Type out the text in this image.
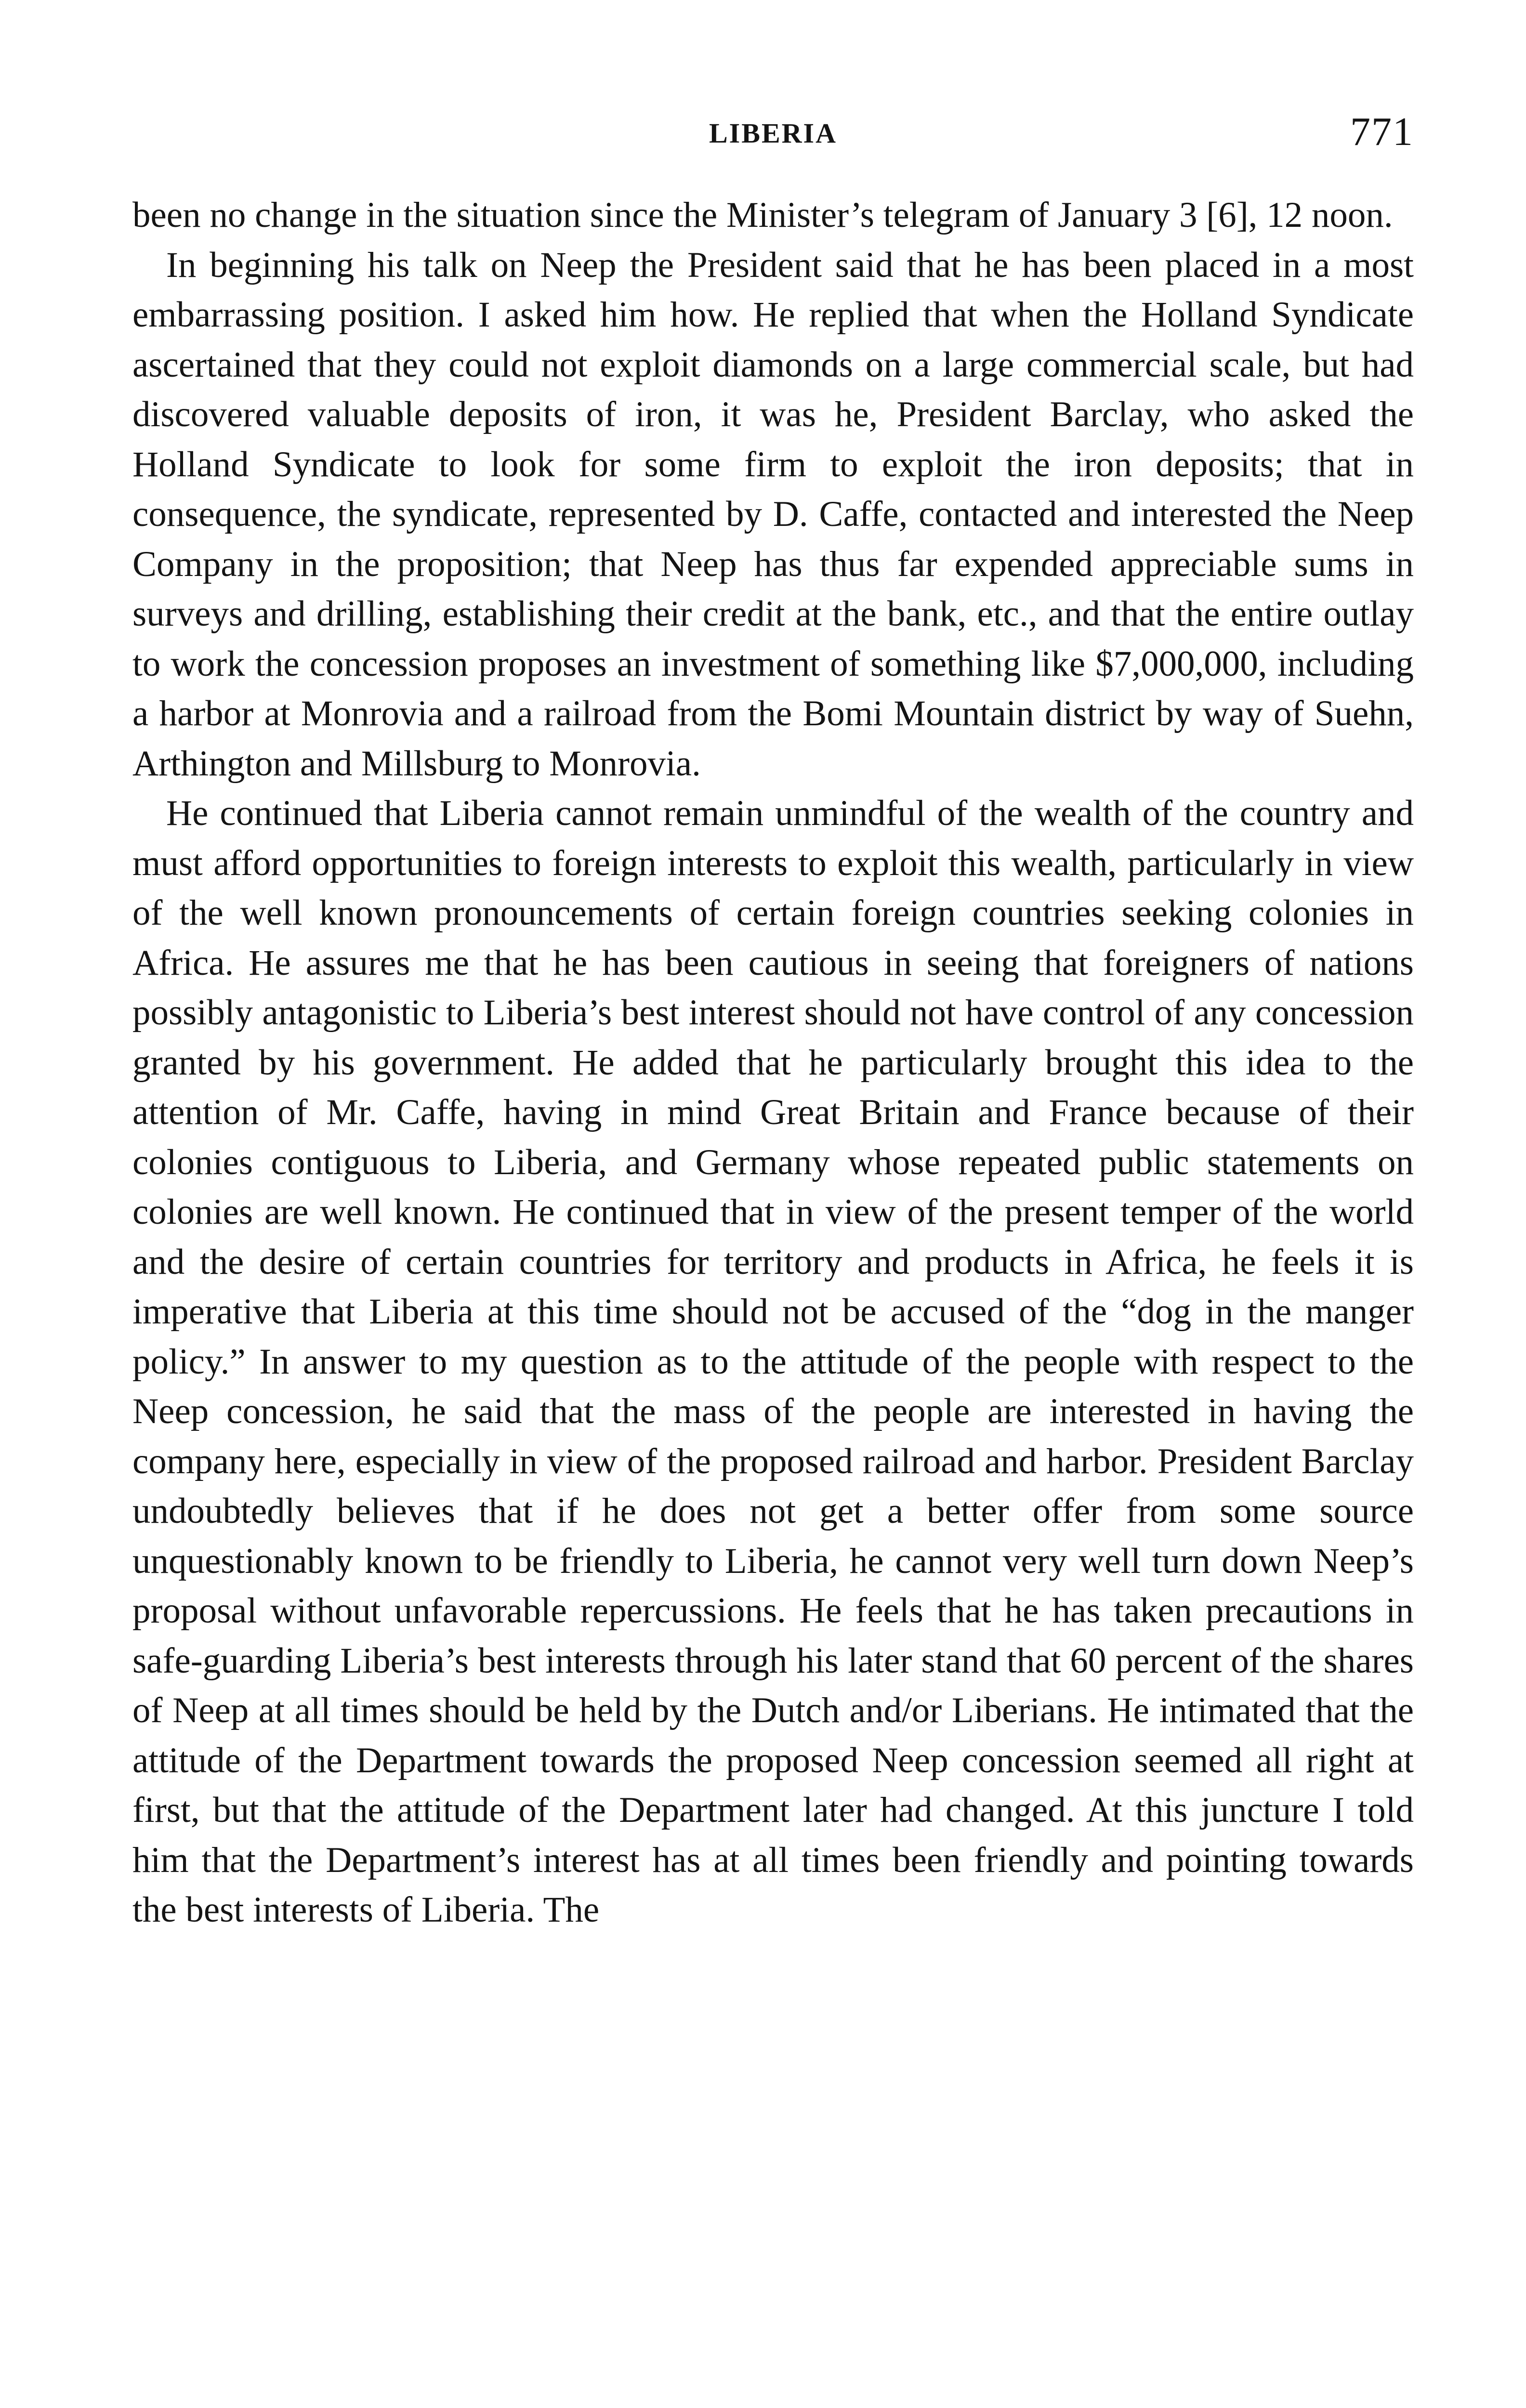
LIBERIA	771

been no change in the situation since the Minister’s telegram of January 3 [6], 12 noon.

In beginning his talk on Neep the President said that he has been placed in a most embarrassing position. I asked him how. He replied that when the Holland Syndicate ascertained that they could not exploit diamonds on a large commercial scale, but had discovered valuable deposits of iron, it was he, President Barclay, who asked the Holland Syndicate to look for some firm to exploit the iron deposits; that in consequence, the syndicate, represented by D. Caffe, contacted and interested the Neep Company in the proposition; that Neep has thus far expended appreciable sums in surveys and drilling, establishing their credit at the bank, etc., and that the entire outlay to work the concession proposes an investment of something like $7,000,000, including a harbor at Monrovia and a railroad from the Bomi Mountain district by way of Suehn, Arthington and Millsburg to Monrovia.

He continued that Liberia cannot remain unmindful of the wealth of the country and must afford opportunities to foreign interests to exploit this wealth, particularly in view of the well known pronouncements of certain foreign countries seeking colonies in Africa. He assures me that he has been cautious in seeing that foreigners of nations possibly antagonistic to Liberia’s best interest should not have control of any concession granted by his government. He added that he particularly brought this idea to the attention of Mr. Caffe, having in mind Great Britain and France because of their colonies contiguous to Liberia, and Germany whose repeated public statements on colonies are well known. He continued that in view of the present temper of the world and the desire of certain countries for territory and products in Africa, he feels it is imperative that Liberia at this time should not be accused of the “dog in the manger policy.” In answer to my question as to the attitude of the people with respect to the Neep concession, he said that the mass of the people are interested in having the company here, especially in view of the proposed railroad and harbor. President Barclay undoubtedly believes that if he does not get a better offer from some source unquestionably known to be friendly to Liberia, he cannot very well turn down Neep’s proposal without unfavorable repercussions. He feels that he has taken precautions in safe-guarding Liberia’s best interests through his later stand that 60 percent of the shares of Neep at all times should be held by the Dutch and/or Liberians. He intimated that the attitude of the Department towards the proposed Neep concession seemed all right at first, but that the attitude of the Department later had changed. At this juncture I told him that the Department’s interest has at all times been friendly and pointing towards the best interests of Liberia. The
